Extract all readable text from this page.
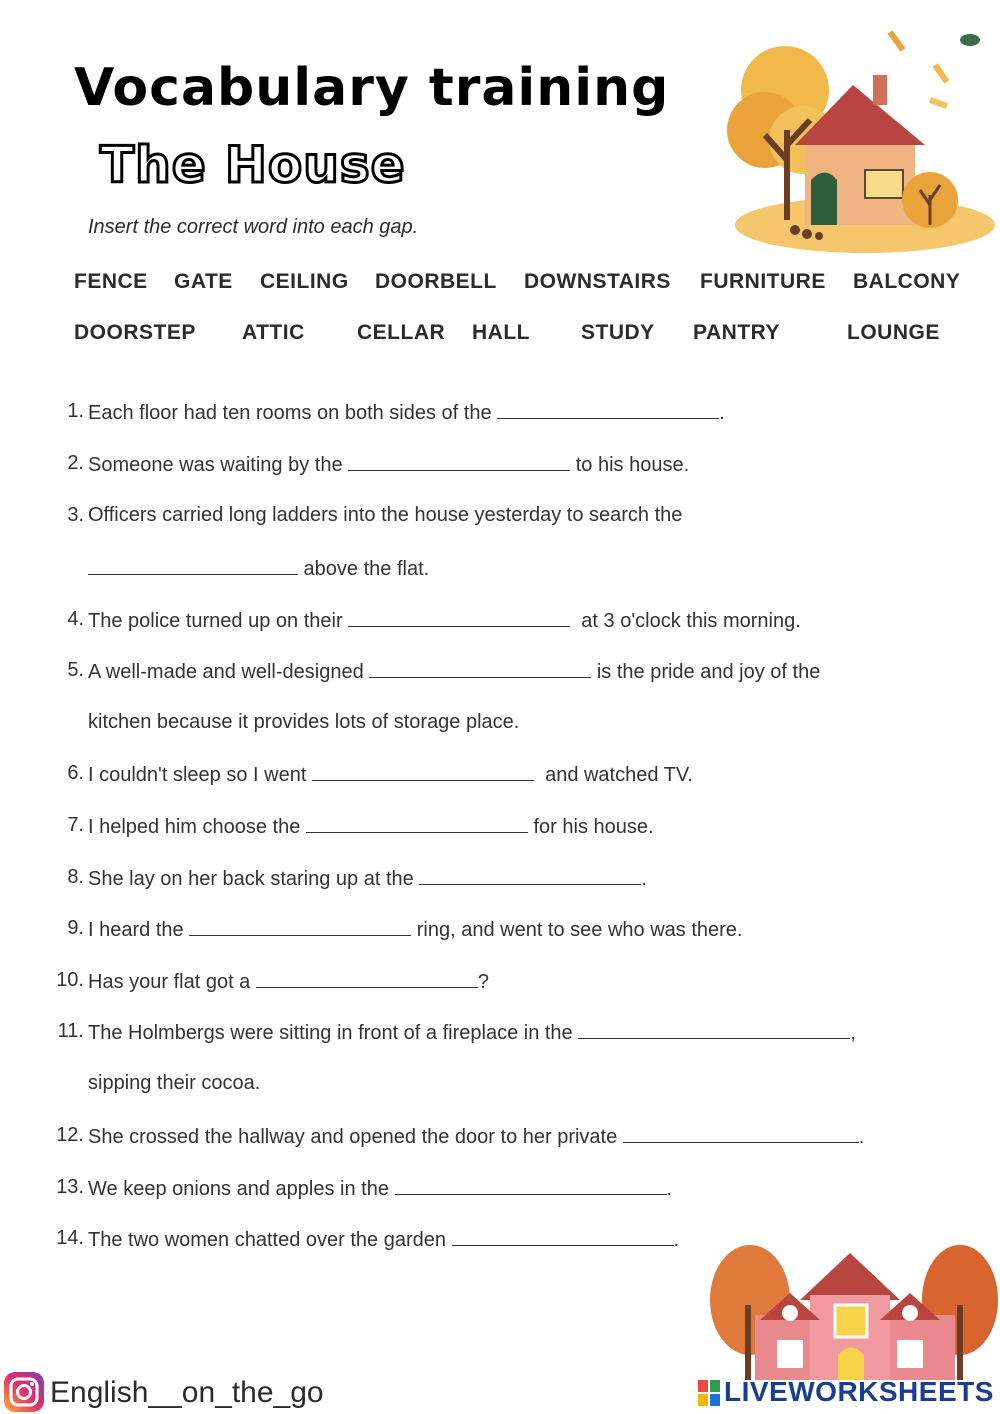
Vocabulary training
The House
Insert the correct word into each gap.
FENCE GATE CEILING DOORBELL DOWNSTAIRS FURNITURE BALCONY
DOORSTEP ATTIC CELLAR HALL STUDY PANTRY	LOUNGE
1. Each floor had ten rooms on both sides of the	.
2. Someone was waiting by the	to his house.
3. Officers carried long ladders into the house yesterday to search the
above the flat.
4. The police turned up on their	at 3 o'clock this morning.
5. A well-made and well-designed	is the pride and joy of the
kitchen because it provides lots of storage place.
6. I couldn't sleep so I went	and watched TV.
7. I helped him choose the	for his house.
8. She lay on her back staring up at the	.
9. I heard the	ring, and went to see who was there.
10. Has your flat got a	?
11. The Holmbergs were sitting in front of a fireplace in the	,
sipping their cocoa.
12. She crossed the hallway and opened the door to her private	.
13. We keep onions and apples in the	.
14. The two women chatted over the garden	.
English__on_the_go	LIVEWORKSHEETS
